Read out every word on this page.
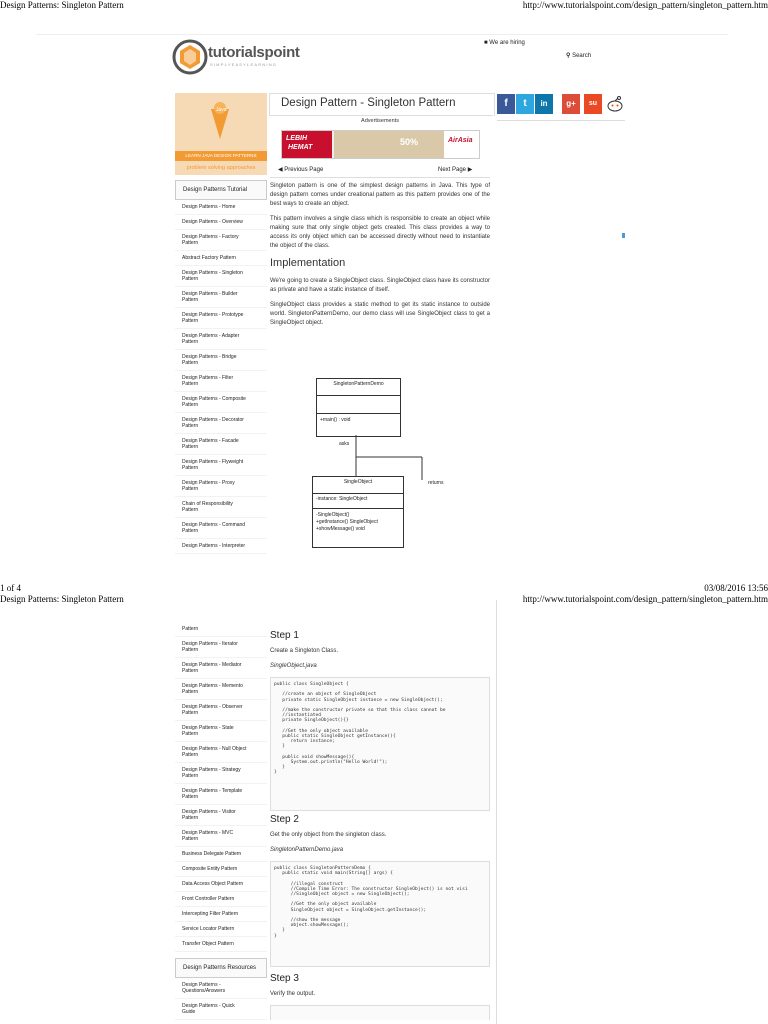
Design Patterns: Singleton Pattern	http://www.tutorialspoint.com/design_pattern/singleton_pattern.htm
tutorialspoint
SIMPLYEASYLEARNING
■ We are hiring
⚲ Search
Java
LEARN JAVA DESIGN PATTERNS
problem solving approaches
Design Patterns Tutorial
Design Patterns - Home
Design Patterns - Overview
Design Patterns - Factory
Pattern
Abstract Factory Pattern
Design Patterns - Singleton
Pattern
Design Patterns - Builder
Pattern
Design Patterns - Prototype
Pattern
Design Patterns - Adapter
Pattern
Design Patterns - Bridge
Pattern
Design Patterns - Filter
Pattern
Design Patterns - Composite
Pattern
Design Patterns - Decorator
Pattern
Design Patterns - Facade
Pattern
Design Patterns - Flyweight
Pattern
Design Patterns - Proxy
Pattern
Chain of Responsibility
Pattern
Design Patterns - Command
Pattern
Design Patterns - Interpreter
Design Pattern - Singleton Pattern	f	t	in	g+	su
Advertisements
LEBIH
HEMAT
50%	AirAsia
◀ Previous Page	Next Page ▶

Singleton pattern is one of the simplest design patterns in Java. This type of design pattern comes under creational pattern as this pattern provides one of the best ways to create an object.

This pattern involves a single class which is responsible to create an object while making sure that only single object gets created. This class provides a way to access its only object which can be accessed directly without need to instantiate the object of the class.

Implementation

We're going to create a SingleObject class. SingleObject class have its constructor as private and have a static instance of itself.

SingleObject class provides a static method to get its static instance to outside world. SingletonPatternDemo, our demo class will use SingleObject class to get a SingleObject object.

SingletonPatternDemo
+main() : void
SingleObject
-instance: SingleObject
-SingleObject()
+getInstance() SingleObject
+showMessage() void
asks
returns
1 of 4	03/08/2016 13:56
Design Patterns: Singleton Pattern	http://www.tutorialspoint.com/design_pattern/singleton_pattern.htm
Pattern
Design Patterns - Iterator
Pattern
Design Patterns - Mediator
Pattern
Design Patterns - Memento
Pattern
Design Patterns - Observer
Pattern
Design Patterns - State
Pattern
Design Patterns - Null Object
Pattern
Design Patterns - Strategy
Pattern
Design Patterns - Template
Pattern
Design Patterns - Visitor
Pattern
Design Patterns - MVC
Pattern
Business Delegate Pattern
Composite Entity Pattern
Data Access Object Pattern
Front Controller Pattern
Intercepting Filter Pattern
Service Locator Pattern
Transfer Object Pattern
Design Patterns Resources
Design Patterns -
Questions/Answers
Design Patterns - Quick
Guide
Step 1

Create a Singleton Class.

SingleObject.java

public class SingleObject {

//create an object of SingleObject
private static SingleObject instance = new SingleObject();

//make the constructor private so that this class cannot be
//instantiated
private SingleObject(){}

//Get the only object available
public static SingleObject getInstance(){
return instance;
}

public void showMessage(){
System.out.println("Hello World!");
}
}
Step 2

Get the only object from the singleton class.

SingletonPatternDemo.java

public class SingletonPatternDemo {
public static void main(String[] args) {

//illegal construct
//Compile Time Error: The constructor SingleObject() is not visi
//SingleObject object = new SingleObject();

//Get the only object available
SingleObject object = SingleObject.getInstance();

//show the message
object.showMessage();
}
}
Step 3

Verify the output.
